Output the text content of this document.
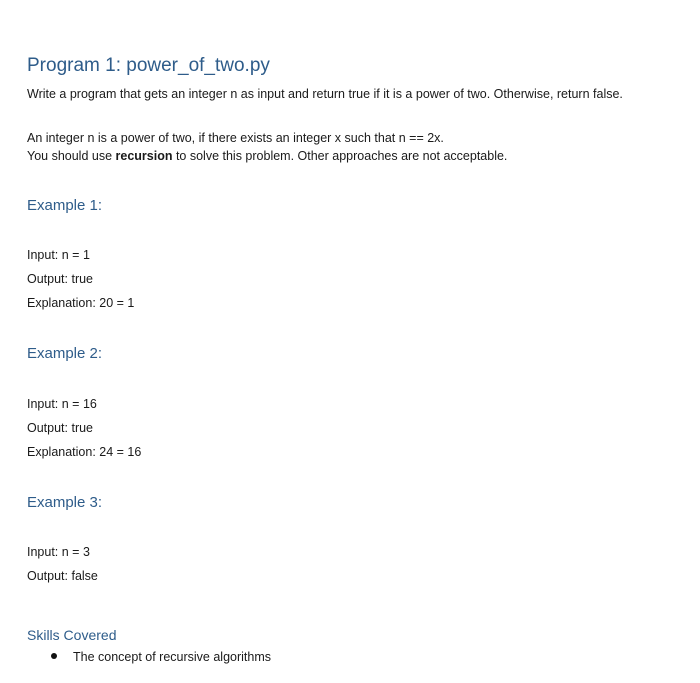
Program 1: power_of_two.py
Write a program that gets an integer n as input and return true if it is a power of two. Otherwise, return false.
An integer n is a power of two, if there exists an integer x such that n == 2x.
You should use recursion to solve this problem. Other approaches are not acceptable.
Example 1:
Input: n = 1
Output: true
Explanation: 20 = 1
Example 2:
Input: n = 16
Output: true
Explanation: 24 = 16
Example 3:
Input: n = 3
Output: false
Skills Covered
The concept of recursive algorithms
